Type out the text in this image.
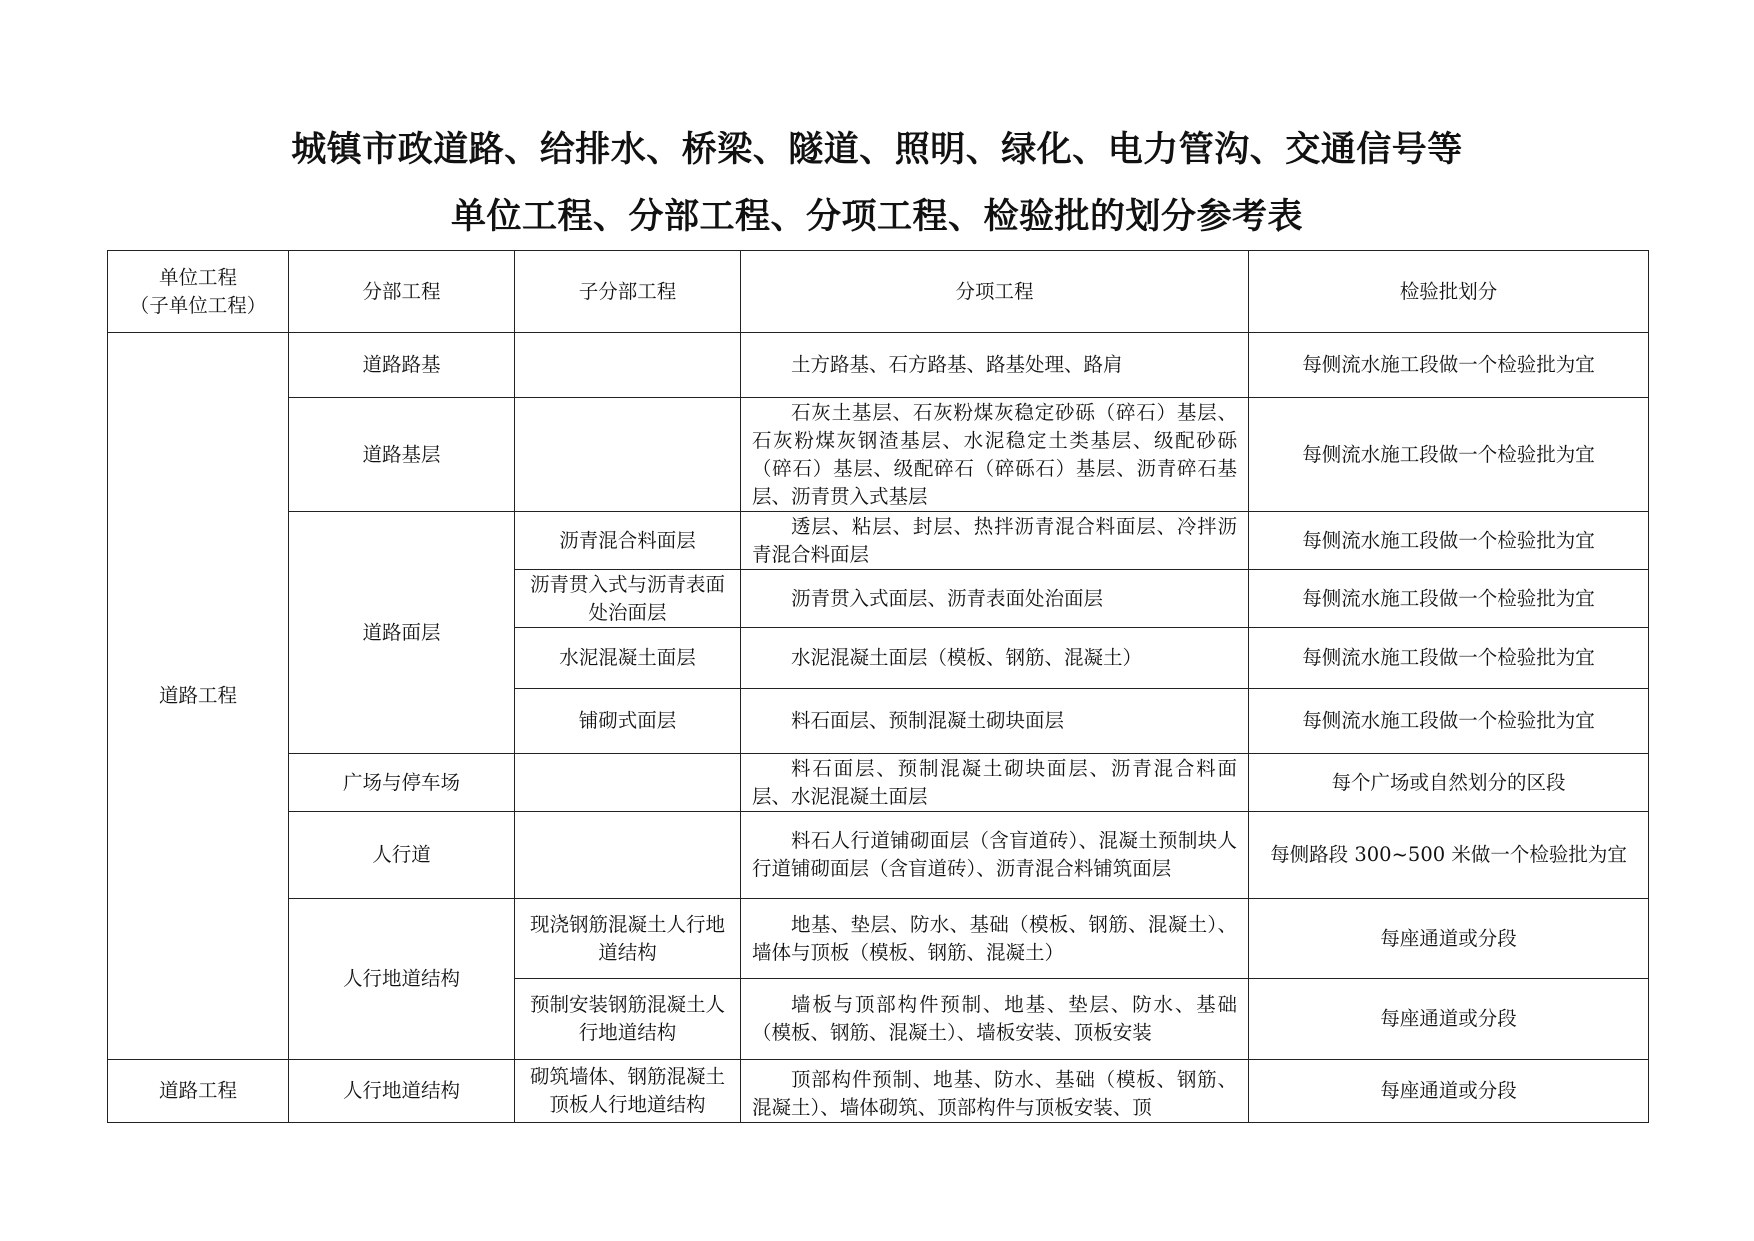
城镇市政道路、给排水、桥梁、隧道、照明、绿化、电力管沟、交通信号等
单位工程、分部工程、分项工程、检验批的划分参考表
单位工程
（子单位工程）	分部工程	子分部工程	分项工程	检验批划分
道路工程	道路路基		土方路基、石方路基、路基处理、路肩	每侧流水施工段做一个检验批为宜
	道路基层		石灰土基层、石灰粉煤灰稳定砂砾（碎石）基层、石灰粉煤灰钢渣基层、水泥稳定土类基层、级配砂砾（碎石）基层、级配碎石（碎砾石）基层、沥青碎石基层、沥青贯入式基层	每侧流水施工段做一个检验批为宜
	道路面层	沥青混合料面层	透层、粘层、封层、热拌沥青混合料面层、冷拌沥青混合料面层	每侧流水施工段做一个检验批为宜
		沥青贯入式与沥青表面处治面层	沥青贯入式面层、沥青表面处治面层	每侧流水施工段做一个检验批为宜
		水泥混凝土面层	水泥混凝土面层（模板、钢筋、混凝土）	每侧流水施工段做一个检验批为宜
		铺砌式面层	料石面层、预制混凝土砌块面层	每侧流水施工段做一个检验批为宜
	广场与停车场		料石面层、预制混凝土砌块面层、沥青混合料面层、水泥混凝土面层	每个广场或自然划分的区段
	人行道		料石人行道铺砌面层（含盲道砖）、混凝土预制块人行道铺砌面层（含盲道砖）、沥青混合料铺筑面层	每侧路段 300~500 米做一个检验批为宜
	人行地道结构	现浇钢筋混凝土人行地道结构	地基、垫层、防水、基础（模板、钢筋、混凝土）、墙体与顶板（模板、钢筋、混凝土）	每座通道或分段
		预制安装钢筋混凝土人行地道结构	墙板与顶部构件预制、地基、垫层、防水、基础（模板、钢筋、混凝土）、墙板安装、顶板安装	每座通道或分段
道路工程	人行地道结构	砌筑墙体、钢筋混凝土顶板人行地道结构	顶部构件预制、地基、防水、基础（模板、钢筋、混凝土）、墙体砌筑、顶部构件与顶板安装、顶	每座通道或分段
